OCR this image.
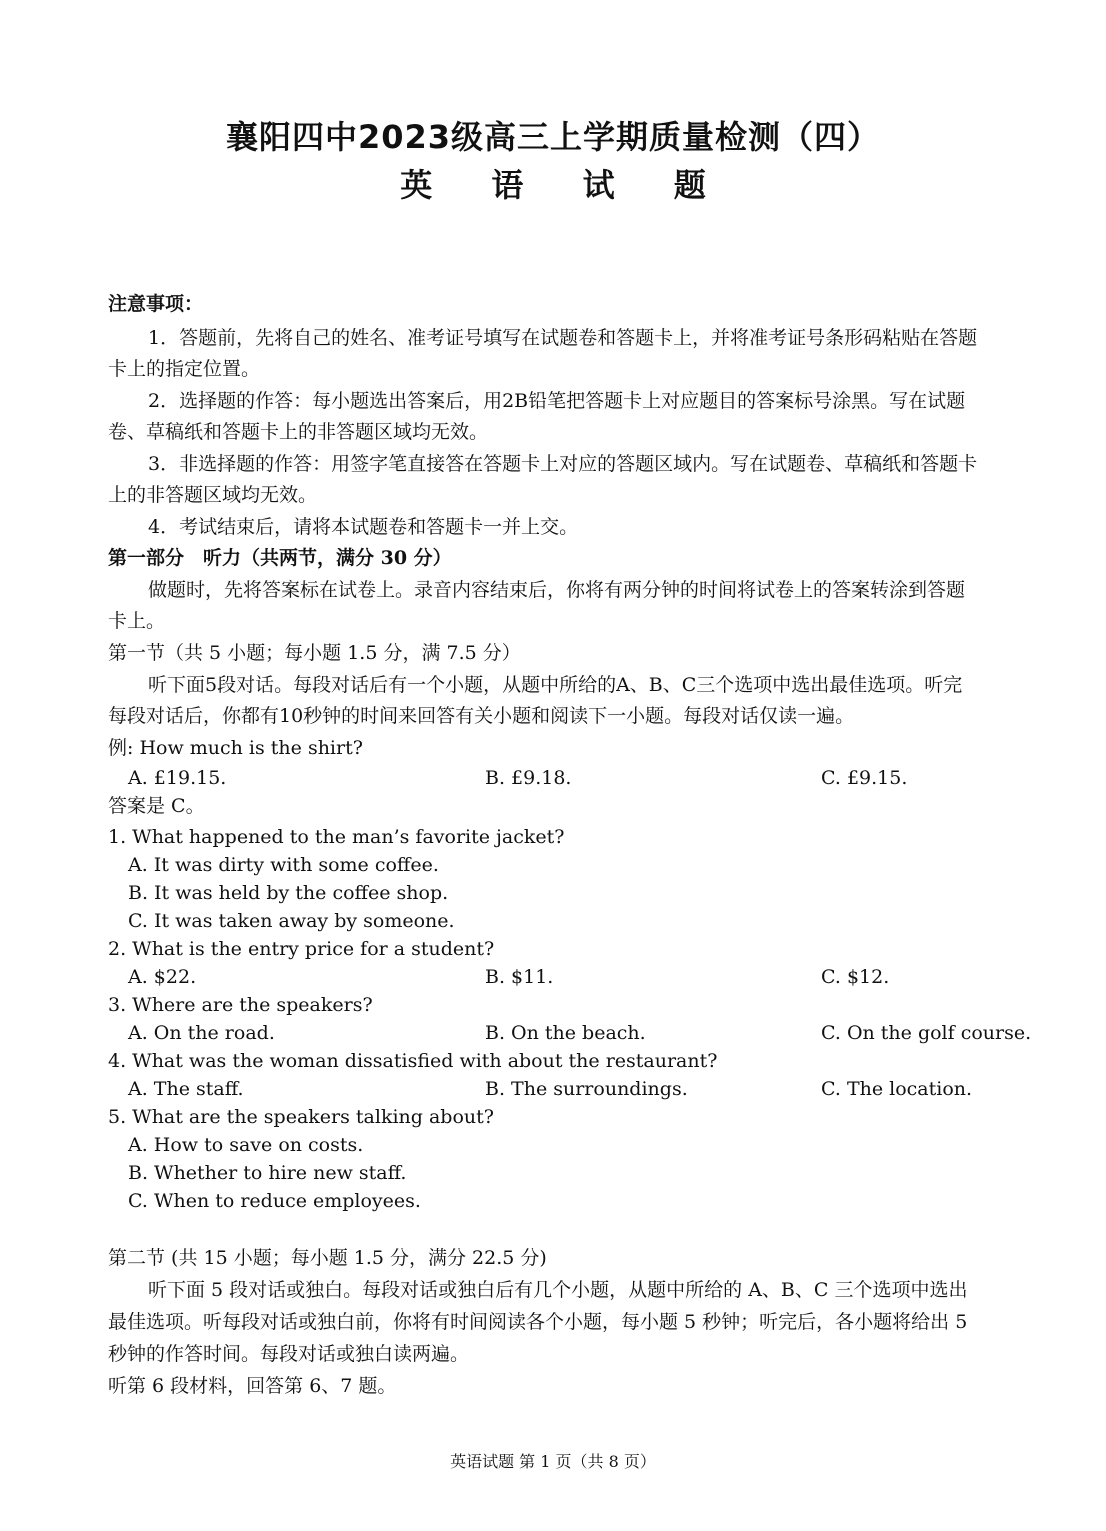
襄阳四中2023级高三上学期质量检测（四）
英 语 试 题
注意事项：
1．答题前，先将自己的姓名、准考证号填写在试题卷和答题卡上，并将准考证号条形码粘贴在答题
卡上的指定位置。
2．选择题的作答：每小题选出答案后，用2B铅笔把答题卡上对应题目的答案标号涂黑。写在试题
卷、草稿纸和答题卡上的非答题区域均无效。
3．非选择题的作答：用签字笔直接答在答题卡上对应的答题区域内。写在试题卷、草稿纸和答题卡
上的非答题区域均无效。
4．考试结束后，请将本试题卷和答题卡一并上交。
第一部分　听力（共两节，满分 30 分）
做题时，先将答案标在试卷上。录音内容结束后，你将有两分钟的时间将试卷上的答案转涂到答题
卡上。
第一节（共 5 小题；每小题 1.5 分，满 7.5 分）
听下面5段对话。每段对话后有一个小题，从题中所给的A、B、C三个选项中选出最佳选项。听完
每段对话后，你都有10秒钟的时间来回答有关小题和阅读下一小题。每段对话仅读一遍。
例: How much is the shirt?
A. £19.15.	B. £9.18.	C. £9.15.
答案是 C。
1. What happened to the man’s favorite jacket?
A. It was dirty with some coffee.
B. It was held by the coffee shop.
C. It was taken away by someone.
2. What is the entry price for a student?
A. $22.	B. $11.	C. $12.
3. Where are the speakers?
A. On the road.	B. On the beach.	C. On the golf course.
4. What was the woman dissatisfied with about the restaurant?
A. The staff.	B. The surroundings.	C. The location.
5. What are the speakers talking about?
A. How to save on costs.
B. Whether to hire new staff.
C. When to reduce employees.
第二节 (共 15 小题；每小题 1.5 分，满分 22.5 分)
听下面 5 段对话或独白。每段对话或独白后有几个小题，从题中所给的 A、B、C 三个选项中选出
最佳选项。听每段对话或独白前，你将有时间阅读各个小题，每小题 5 秒钟；听完后，各小题将给出 5
秒钟的作答时间。每段对话或独白读两遍。
听第 6 段材料，回答第 6、7 题。
英语试题 第 1 页（共 8 页）
